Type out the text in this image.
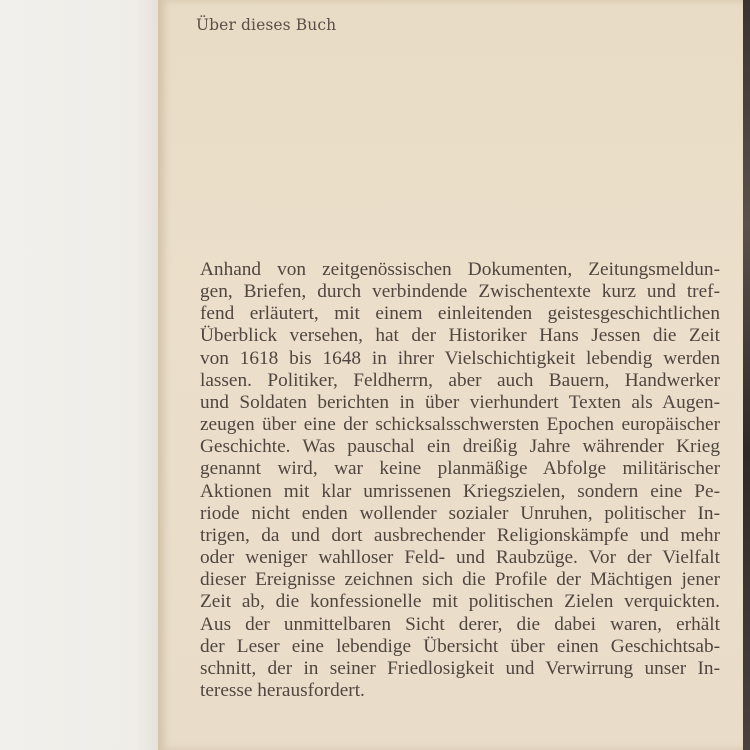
Über dieses Buch
Anhand von zeitgenössischen Dokumenten, Zeitungsmeldun-
gen, Briefen, durch verbindende Zwischentexte kurz und tref-
fend erläutert, mit einem einleitenden geistesgeschichtlichen
Überblick versehen, hat der Historiker Hans Jessen die Zeit
von 1618 bis 1648 in ihrer Vielschichtigkeit lebendig werden
lassen. Politiker, Feldherrn, aber auch Bauern, Handwerker
und Soldaten berichten in über vierhundert Texten als Augen-
zeugen über eine der schicksalsschwersten Epochen europäischer
Geschichte. Was pauschal ein dreißig Jahre währender Krieg
genannt wird, war keine planmäßige Abfolge militärischer
Aktionen mit klar umrissenen Kriegszielen, sondern eine Pe-
riode nicht enden wollender sozialer Unruhen, politischer In-
trigen, da und dort ausbrechender Religionskämpfe und mehr
oder weniger wahlloser Feld- und Raubzüge. Vor der Vielfalt
dieser Ereignisse zeichnen sich die Profile der Mächtigen jener
Zeit ab, die konfessionelle mit politischen Zielen verquickten.
Aus der unmittelbaren Sicht derer, die dabei waren, erhält
der Leser eine lebendige Übersicht über einen Geschichtsab-
schnitt, der in seiner Friedlosigkeit und Verwirrung unser In-
teresse herausfordert.
